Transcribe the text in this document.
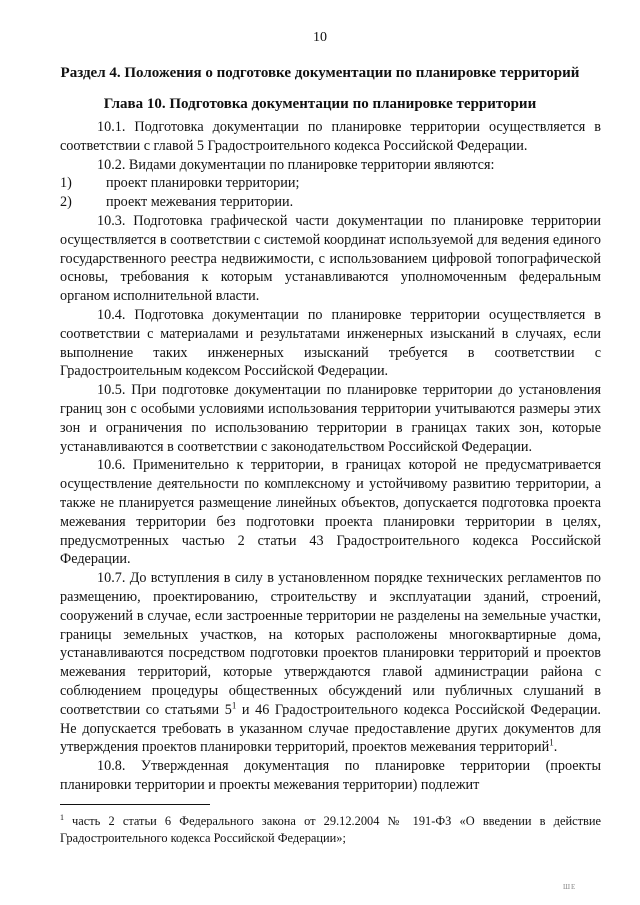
10
Раздел 4. Положения о подготовке документации по планировке территорий
Глава 10. Подготовка документации по планировке территории

10.1. Подготовка документации по планировке территории осуществляется в соответствии с главой 5 Градостроительного кодекса Российской Федерации.

10.2. Видами документации по планировке территории являются:

1)	проект планировки территории;
2)	проект межевания территории.

10.3. Подготовка графической части документации по планировке территории осуществляется в соответствии с системой координат используемой для ведения единого государственного реестра недвижимости, с использованием цифровой топографической основы, требования к которым устанавливаются уполномоченным федеральным органом исполнительной власти.

10.4. Подготовка документации по планировке территории осуществляется в соответствии с материалами и результатами инженерных изысканий в случаях, если выполнение таких инженерных изысканий требуется в соответствии с Градостроительным кодексом Российской Федерации.

10.5. При подготовке документации по планировке территории до установления границ зон с особыми условиями использования территории учитываются размеры этих зон и ограничения по использованию территории в границах таких зон, которые устанавливаются в соответствии с законодательством Российской Федерации.

10.6. Применительно к территории, в границах которой не предусматривается осуществление деятельности по комплексному и устойчивому развитию территории, а также не планируется размещение линейных объектов, допускается подготовка проекта межевания территории без подготовки проекта планировки территории в целях, предусмотренных частью 2 статьи 43 Градостроительного кодекса Российской Федерации.

10.7. До вступления в силу в установленном порядке технических регламентов по размещению, проектированию, строительству и эксплуатации зданий, строений, сооружений в случае, если застроенные территории не разделены на земельные участки, границы земельных участков, на которых расположены многоквартирные дома, устанавливаются посредством подготовки проектов планировки территорий и проектов межевания территорий, которые утверждаются главой администрации района с соблюдением процедуры общественных обсуждений или публичных слушаний в соответствии со статьями $5^1$ и 46 Градостроительного кодекса Российской Федерации. Не допускается требовать в указанном случае предоставление других документов для утверждения проектов планировки территорий, проектов межевания территорий$^1$.

10.8. Утвержденная документация по планировке территории (проекты планировки территории и проекты межевания территории) подлежит

$^1$ часть 2 статьи 6 Федерального закона от 29.12.2004 № 191-ФЗ «О введении в действие Градостроительного кодекса Российской Федерации»;
ШЕ
